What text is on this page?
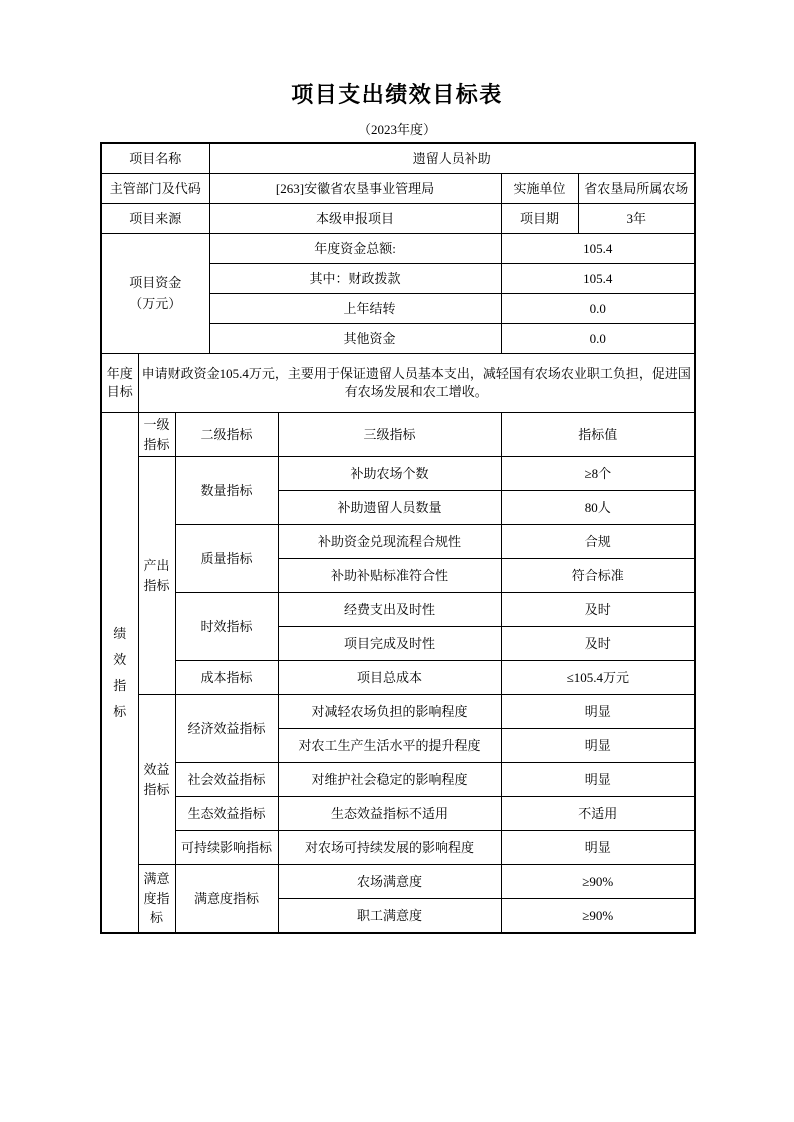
项目支出绩效目标表
（2023年度）
项目名称			遗留人员补助			
主管部门及代码			[263]安徽省农垦事业管理局		实施单位	省农垦局所属农场
项目来源			本级申报项目		项目期	3年
项目资金
（万元）			年度资金总额:		105.4	
			其中：财政拨款		105.4	
			上年结转		0.0	
			其他资金		0.0	
年度目标	申请财政资金105.4万元，主要用于保证遗留人员基本支出，减轻国有农场农业职工负担，促进国有农场发展和农工增收。					
绩效指标	一级指标	二级指标		三级指标	指标值	
	产出指标	数量指标		补助农场个数	≥8个	
				补助遗留人员数量	80人	
		质量指标		补助资金兑现流程合规性	合规	
				补助补贴标准符合性	符合标准	
		时效指标		经费支出及时性	及时	
				项目完成及时性	及时	
		成本指标		项目总成本	≤105.4万元	
	效益指标	经济效益指标		对减轻农场负担的影响程度	明显	
				对农工生产生活水平的提升程度	明显	
		社会效益指标		对维护社会稳定的影响程度	明显	
		生态效益指标		生态效益指标不适用	不适用	
		可持续影响指标		对农场可持续发展的影响程度	明显	
	满意度指标	满意度指标		农场满意度	≥90%	
				职工满意度	≥90%	
